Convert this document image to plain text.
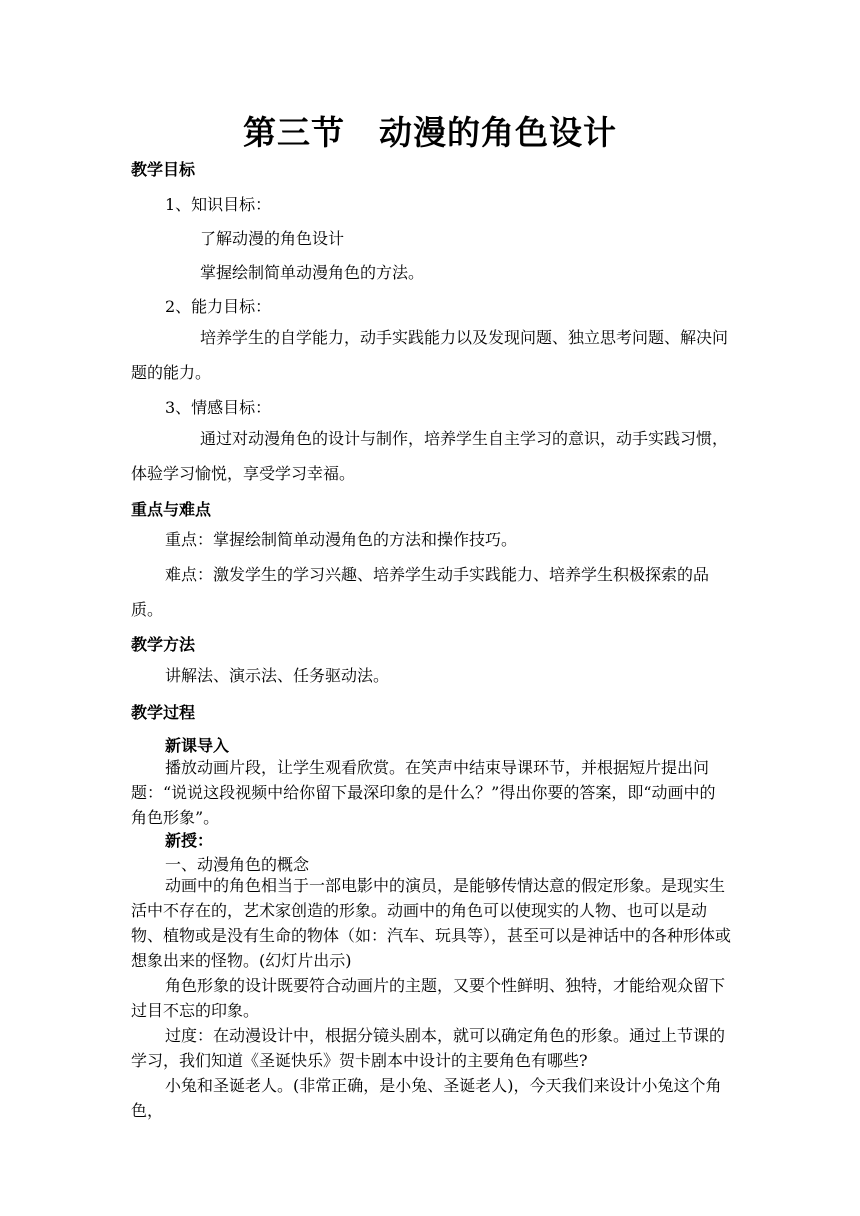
第三节　动漫的角色设计
教学目标
1、知识目标：
了解动漫的角色设计
掌握绘制简单动漫角色的方法。
2、能力目标：

培养学生的自学能力，动手实践能力以及发现问题、独立思考问题、解决问题的能力。

3、情感目标：

通过对动漫角色的设计与制作，培养学生自主学习的意识，动手实践习惯，体验学习愉悦，享受学习幸福。

重点与难点

重点：掌握绘制简单动漫角色的方法和操作技巧。

难点：激发学生的学习兴趣、培养学生动手实践能力、培养学生积极探索的品质。

教学方法

讲解法、演示法、任务驱动法。

教学过程
新课导入

播放动画片段，让学生观看欣赏。在笑声中结束导课环节，并根据短片提出问题：“说说这段视频中给你留下最深印象的是什么？”得出你要的答案，即“动画中的角色形象”。

新授：
一、动漫角色的概念

动画中的角色相当于一部电影中的演员，是能够传情达意的假定形象。是现实生活中不存在的，艺术家创造的形象。动画中的角色可以使现实的人物、也可以是动物、植物或是没有生命的物体（如：汽车、玩具等），甚至可以是神话中的各种形体或想象出来的怪物。(幻灯片出示)

角色形象的设计既要符合动画片的主题，又要个性鲜明、独特，才能给观众留下过目不忘的印象。

过度：在动漫设计中，根据分镜头剧本，就可以确定角色的形象。通过上节课的学习，我们知道《圣诞快乐》贺卡剧本中设计的主要角色有哪些?

小兔和圣诞老人。(非常正确，是小兔、圣诞老人)，今天我们来设计小兔这个角色，
